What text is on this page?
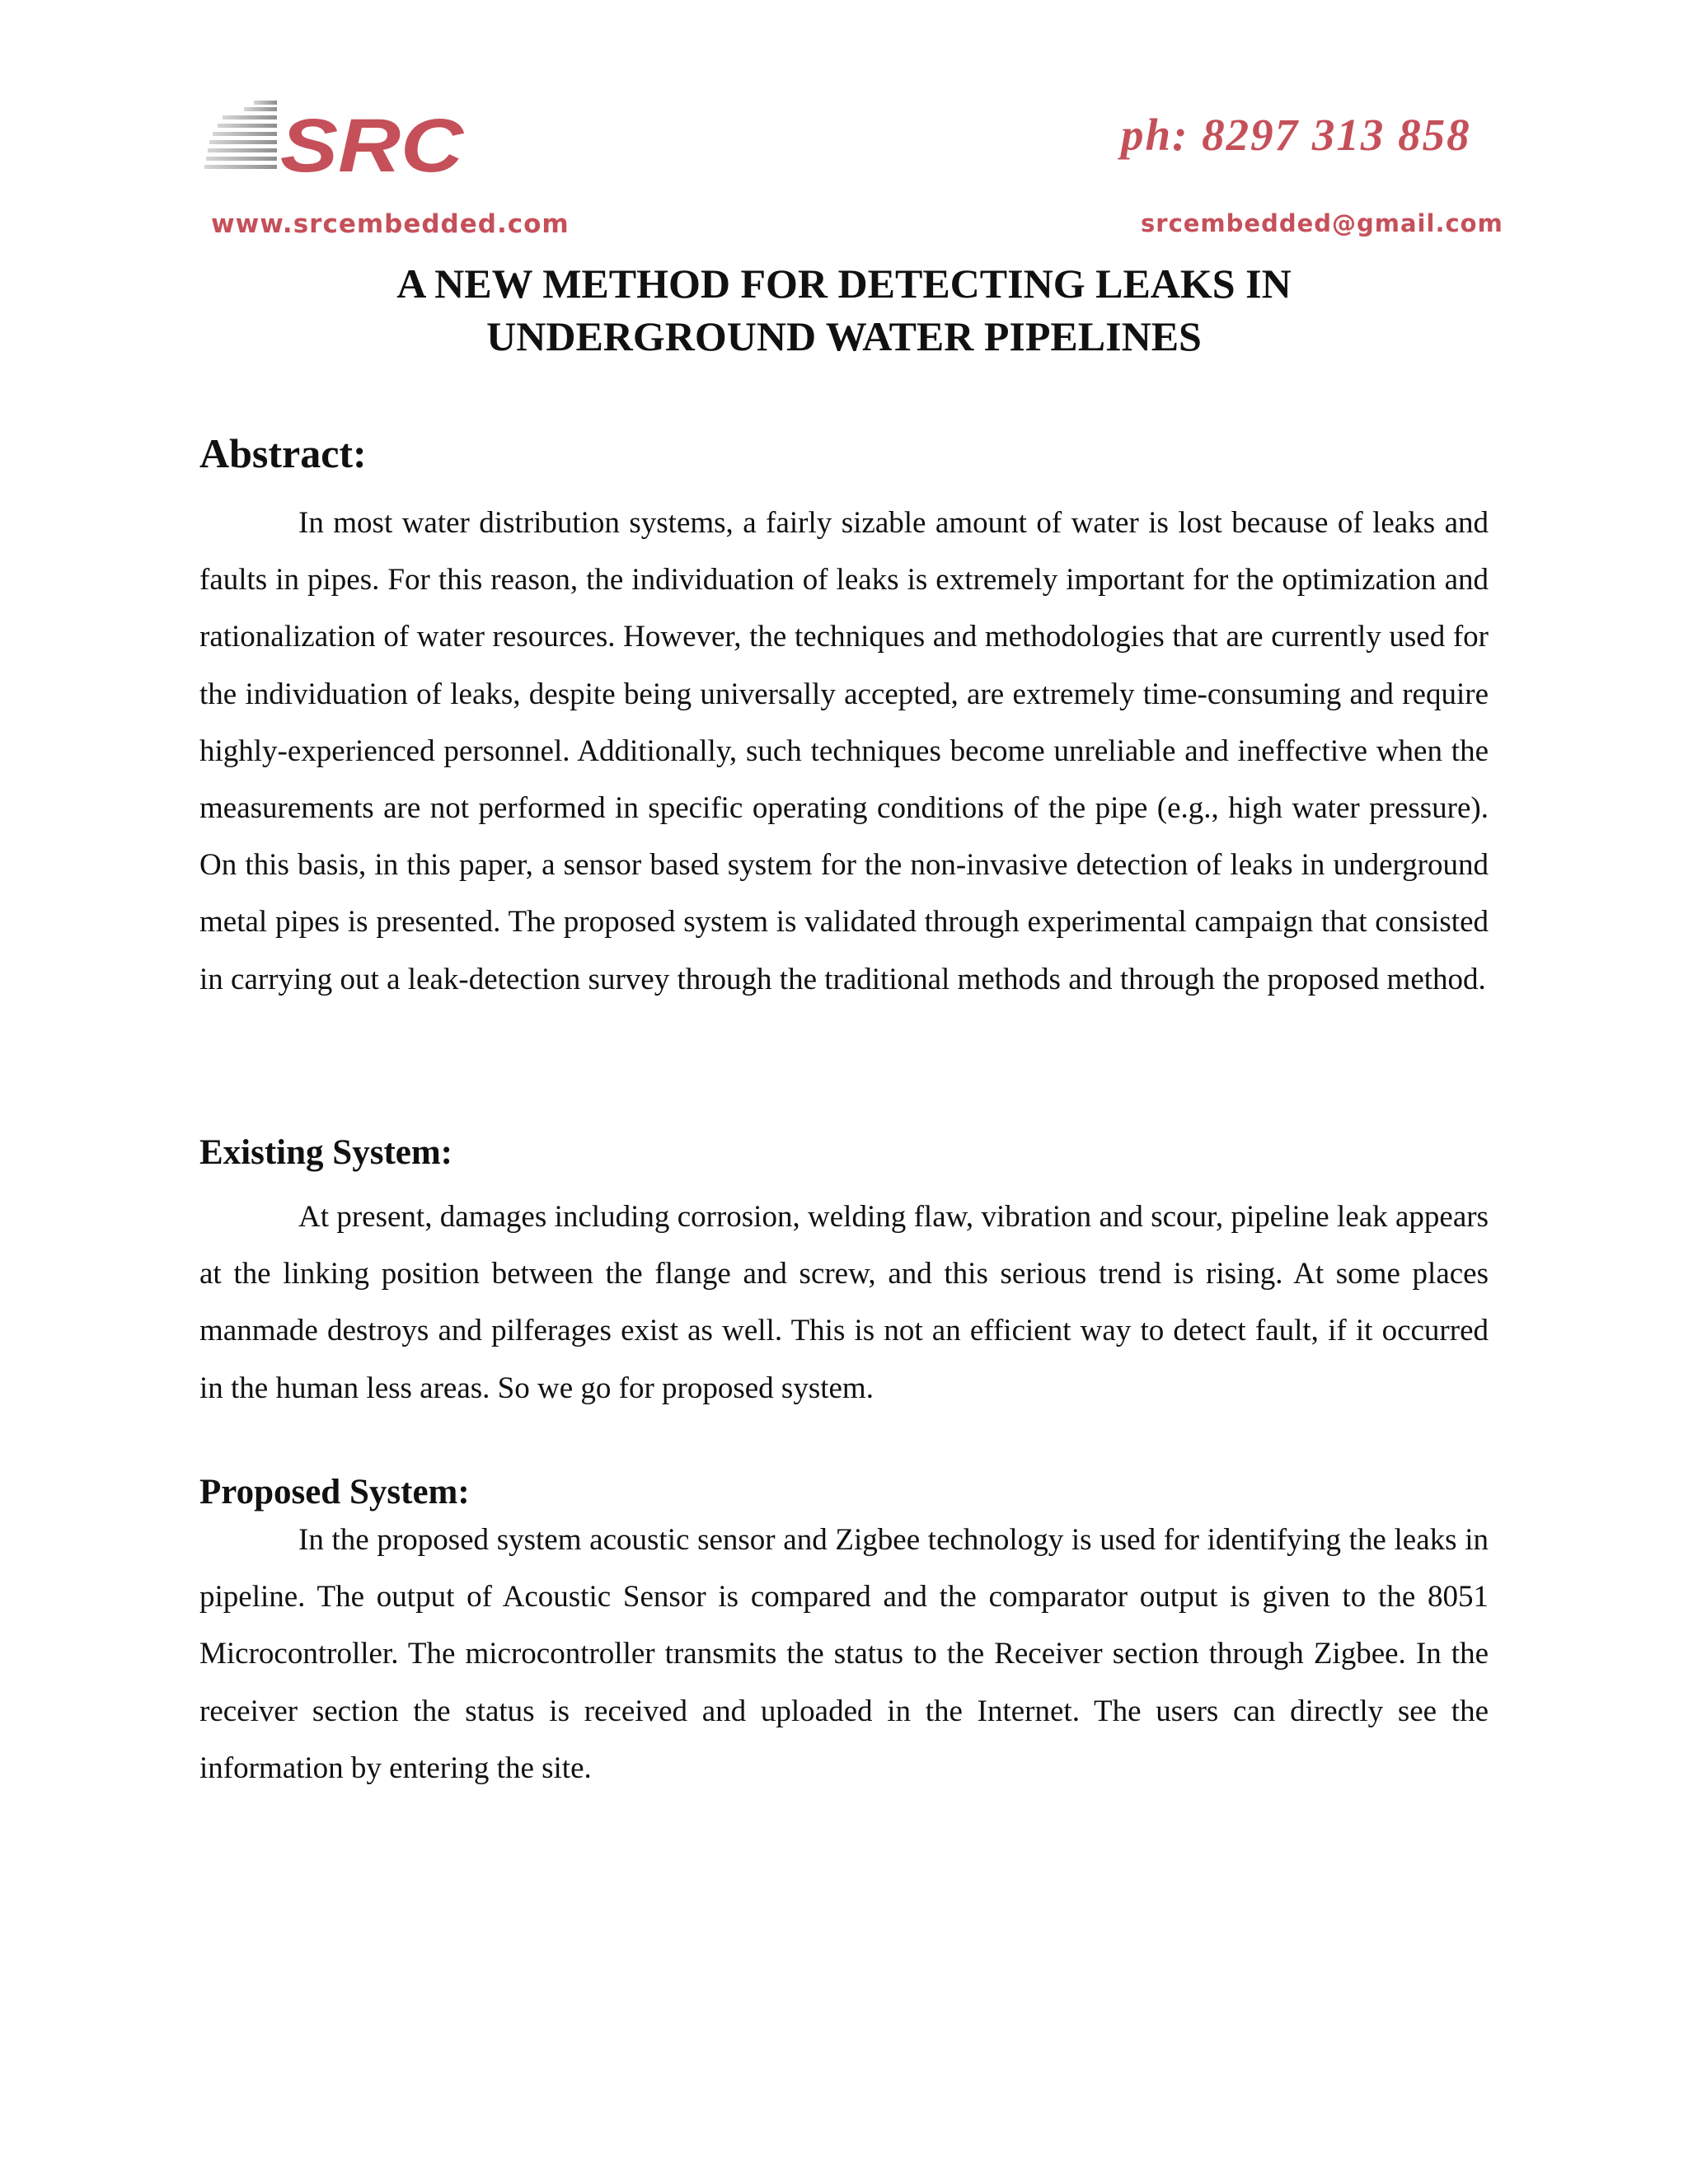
SRC	ph: 8297 313 858
www.srcembedded.com	srcembedded@gmail.com
A NEW METHOD FOR DETECTING LEAKS IN
UNDERGROUND WATER PIPELINES
Abstract:

In most water distribution systems, a fairly sizable amount of water is lost because of leaks and faults in pipes. For this reason, the individuation of leaks is extremely important for the optimization and rationalization of water resources. However, the techniques and methodologies that are currently used for the individuation of leaks, despite being universally accepted, are extremely time-consuming and require highly-experienced personnel. Additionally, such techniques become unreliable and ineffective when the measurements are not performed in specific operating conditions of the pipe (e.g., high water pressure). On this basis, in this paper, a sensor based system for the non-invasive detection of leaks in underground metal pipes is presented. The proposed system is validated through experimental campaign that consisted in carrying out a leak-detection survey through the traditional methods and through the proposed method.

Existing System:

At present, damages including corrosion, welding flaw, vibration and scour, pipeline leak appears at the linking position between the flange and screw, and this serious trend is rising. At some places manmade destroys and pilferages exist as well. This is not an efficient way to detect fault, if it occurred in the human less areas. So we go for proposed system.

Proposed System:

In the proposed system acoustic sensor and Zigbee technology is used for identifying the leaks in pipeline. The output of Acoustic Sensor is compared and the comparator output is given to the 8051 Microcontroller. The microcontroller transmits the status to the Receiver section through Zigbee. In the receiver section the status is received and uploaded in the Internet. The users can directly see the information by entering the site.
